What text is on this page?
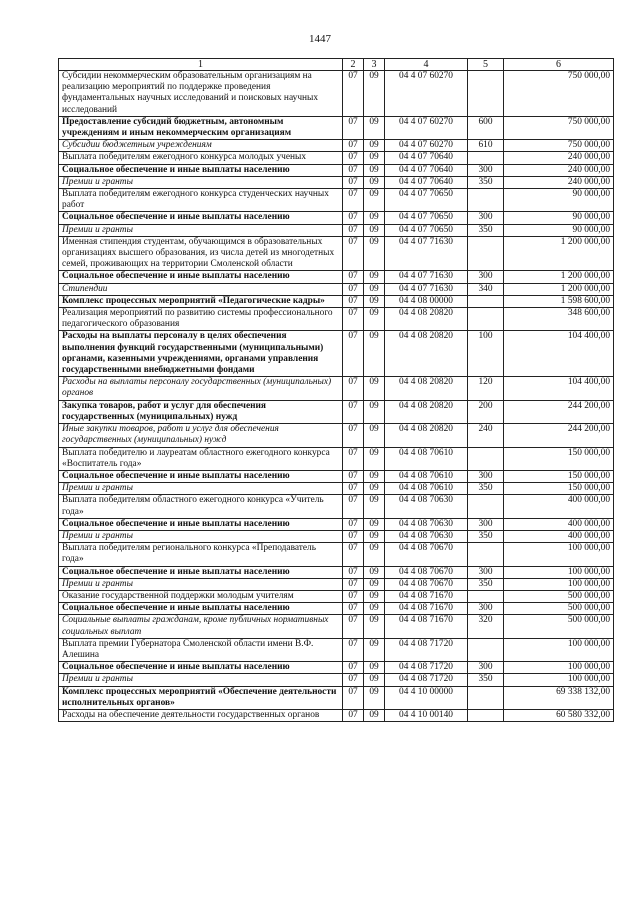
1447
1	2	3	4	5	6
Субсидии некоммерческим образовательным организациям на реализацию мероприятий по поддержке проведения фундаментальных научных исследований и поисковых научных исследований	07	09	04 4 07 60270		750 000,00
Предоставление субсидий бюджетным, автономным учреждениям и иным некоммерческим организациям	07	09	04 4 07 60270	600	750 000,00
Субсидии бюджетным учреждениям	07	09	04 4 07 60270	610	750 000,00
Выплата победителям ежегодного конкурса молодых ученых	07	09	04 4 07 70640		240 000,00
Социальное обеспечение и иные выплаты населению	07	09	04 4 07 70640	300	240 000,00
Премии и гранты	07	09	04 4 07 70640	350	240 000,00
Выплата победителям ежегодного конкурса студенческих научных работ	07	09	04 4 07 70650		90 000,00
Социальное обеспечение и иные выплаты населению	07	09	04 4 07 70650	300	90 000,00
Премии и гранты	07	09	04 4 07 70650	350	90 000,00
Именная стипендия студентам, обучающимся в образовательных организациях высшего образования, из числа детей из многодетных семей, проживающих на территории Смоленской области	07	09	04 4 07 71630		1 200 000,00
Социальное обеспечение и иные выплаты населению	07	09	04 4 07 71630	300	1 200 000,00
Стипендии	07	09	04 4 07 71630	340	1 200 000,00
Комплекс процессных мероприятий «Педагогические кадры»	07	09	04 4 08 00000		1 598 600,00
Реализация мероприятий по развитию системы профессионального педагогического образования	07	09	04 4 08 20820		348 600,00
Расходы на выплаты персоналу в целях обеспечения выполнения функций государственными (муниципальными) органами, казенными учреждениями, органами управления государственными внебюджетными фондами	07	09	04 4 08 20820	100	104 400,00
Расходы на выплаты персоналу государственных (муниципальных) органов	07	09	04 4 08 20820	120	104 400,00
Закупка товаров, работ и услуг для обеспечения государственных (муниципальных) нужд	07	09	04 4 08 20820	200	244 200,00
Иные закупки товаров, работ и услуг для обеспечения государственных (муниципальных) нужд	07	09	04 4 08 20820	240	244 200,00
Выплата победителю и лауреатам областного ежегодного конкурса «Воспитатель года»	07	09	04 4 08 70610		150 000,00
Социальное обеспечение и иные выплаты населению	07	09	04 4 08 70610	300	150 000,00
Премии и гранты	07	09	04 4 08 70610	350	150 000,00
Выплата победителям областного ежегодного конкурса «Учитель года»	07	09	04 4 08 70630		400 000,00
Социальное обеспечение и иные выплаты населению	07	09	04 4 08 70630	300	400 000,00
Премии и гранты	07	09	04 4 08 70630	350	400 000,00
Выплата победителям регионального конкурса «Преподаватель года»	07	09	04 4 08 70670		100 000,00
Социальное обеспечение и иные выплаты населению	07	09	04 4 08 70670	300	100 000,00
Премии и гранты	07	09	04 4 08 70670	350	100 000,00
Оказание государственной поддержки молодым учителям	07	09	04 4 08 71670		500 000,00
Социальное обеспечение и иные выплаты населению	07	09	04 4 08 71670	300	500 000,00
Социальные выплаты гражданам, кроме публичных нормативных социальных выплат	07	09	04 4 08 71670	320	500 000,00
Выплата премии Губернатора Смоленской области имени В.Ф. Алешина	07	09	04 4 08 71720		100 000,00
Социальное обеспечение и иные выплаты населению	07	09	04 4 08 71720	300	100 000,00
Премии и гранты	07	09	04 4 08 71720	350	100 000,00
Комплекс процессных мероприятий «Обеспечение деятельности исполнительных органов»	07	09	04 4 10 00000		69 338 132,00
Расходы на обеспечение деятельности государственных органов	07	09	04 4 10 00140		60 580 332,00
